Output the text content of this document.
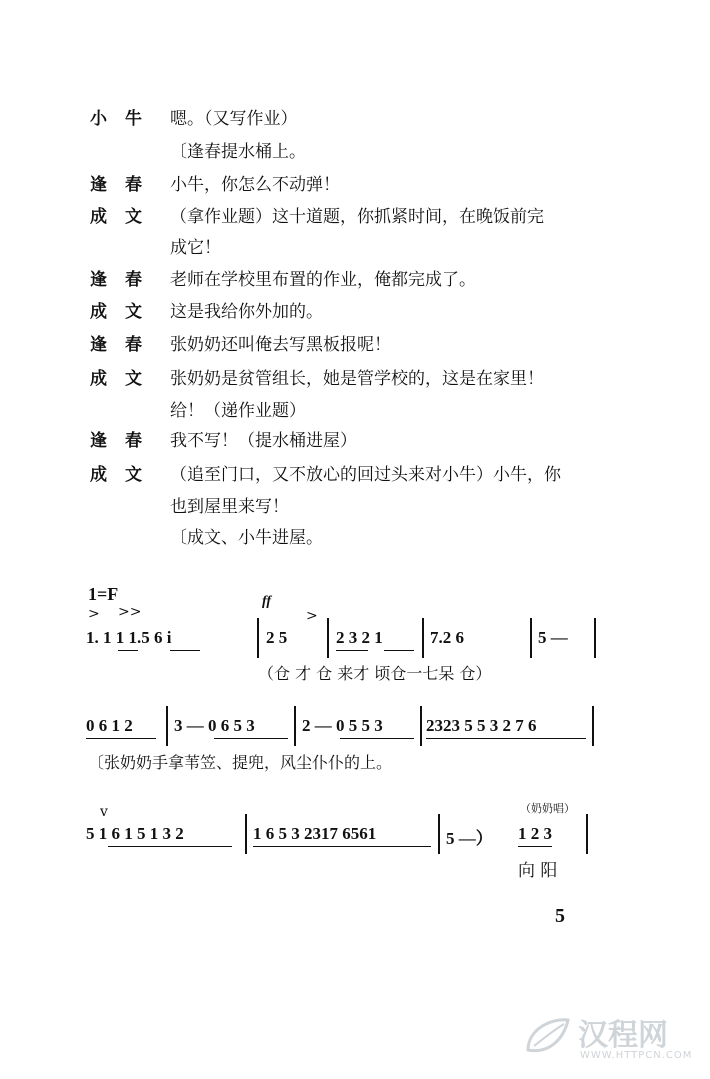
小牛 嗯。（又写作业）
〔逢春提水桶上。
逢春 小牛，你怎么不动弹！
成文 （拿作业题）这十道题，你抓紧时间，在晚饭前完
成它！
逢春 老师在学校里布置的作业，俺都完成了。
成文 这是我给你外加的。
逢春 张奶奶还叫俺去写黑板报呢！
成文 张奶奶是贫管组长，她是管学校的，这是在家里！
给！（递作业题）
逢春 我不写！（提水桶进屋）
成文 （追至门口，又不放心的回过头来对小牛）小牛，你
也到屋里来写！
〔成文、小牛进屋。
1=F
> >>
ff
>
1. 1 1 1.5 6 i	2 5	2 3 2 1	7.2 6	5 —
（仓 才 仓 来才 顷仓一七呆 仓）
0 6 1 2 3 — 0 6 5 3	2 — 0 5 5 3	2323 5 5 3 2 7 6
〔张奶奶手拿苇笠、提兜，风尘仆仆的上。
v	（奶奶唱）
5 1 6 1 5 1 3 2	1 6 5 3 2317 6561	5 —） 1 2 3
向 阳
5
汉程网
WWW.HTTPCN.COM
